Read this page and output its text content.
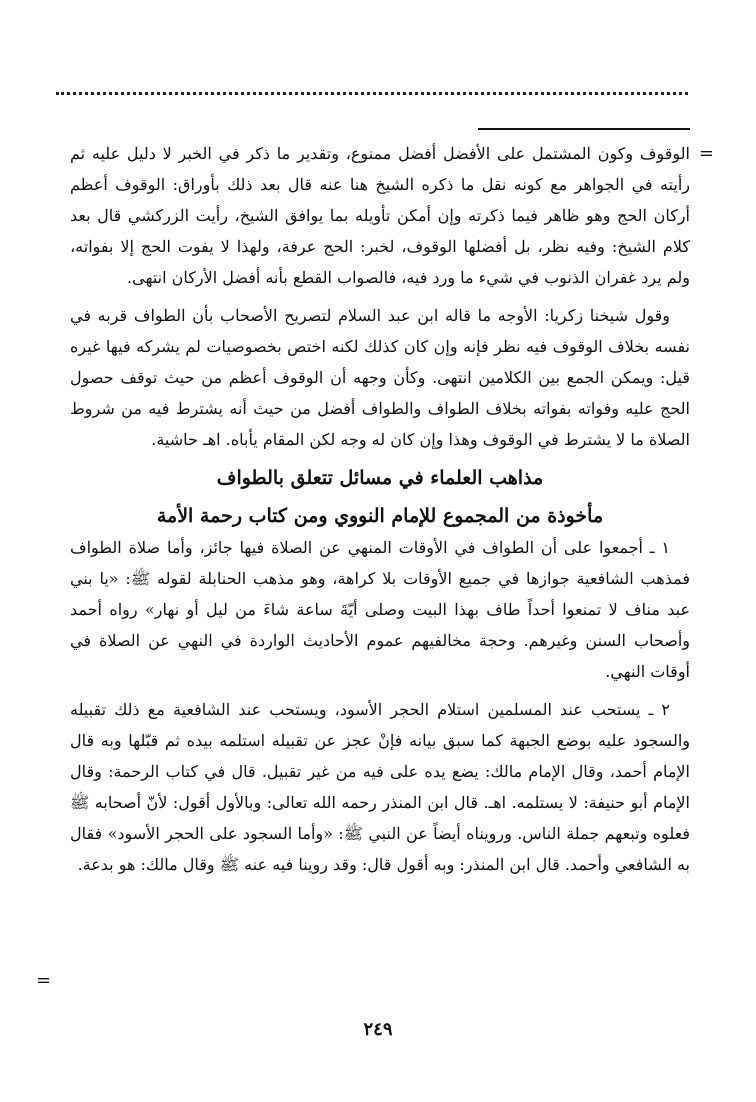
=

الوقوف وكون المشتمل على الأفضل أفضل ممنوع، وتقدير ما ذكر في الخبر لا دليل عليه ثم رأيته في الجواهر مع كونه نقل ما ذكره الشيخ هنا عنه قال بعد ذلك بأوراق: الوقوف أعظم أركان الحج وهو ظاهر فيما ذكرته وإن أمكن تأويله بما يوافق الشيخ، رأيت الزركشي قال بعد كلام الشيخ: وفيه نظر، بل أفضلها الوقوف، لخبر: الحج عرفة، ولهذا لا يفوت الحج إلا بفواته، ولم يرد غفران الذنوب في شيء ما ورد فيه، فالصواب القطع بأنه أفضل الأركان انتهى.

وقول شيخنا زكريا: الأوجه ما قاله ابن عبد السلام لتصريح الأصحاب بأن الطواف قربه في نفسه بخلاف الوقوف فيه نظر فإنه وإن كان كذلك لكنه اختص بخصوصيات لم يشركه فيها غيره قيل: ويمكن الجمع بين الكلامين انتهى. وكأن وجهه أن الوقوف أعظم من حيث توقف حصول الحج عليه وفواته بفواته بخلاف الطواف والطواف أفضل من حيث أنه يشترط فيه من شروط الصلاة ما لا يشترط في الوقوف وهذا وإن كان له وجه لكن المقام يأباه. اهـ حاشية.

مذاهب العلماء في مسائل تتعلق بالطواف

مأخوذة من المجموع للإمام النووي ومن كتاب رحمة الأمة

١ ـ أجمعوا على أن الطواف في الأوقات المنهي عن الصلاة فيها جائز، وأما صلاة الطواف فمذهب الشافعية جوازها في جميع الأوقات بلا كراهة، وهو مذهب الحنابلة لقوله ﷺ: «يا بني عبد مناف لا تمنعوا أحداً طاف بهذا البيت وصلى أيّةَ ساعة شاءَ من ليل أو نهار» رواه أحمد وأصحاب السنن وغيرهم. وحجة مخالفيهم عموم الأحاديث الواردة في النهي عن الصلاة في أوقات النهي.

٢ ـ يستحب عند المسلمين استلام الحجر الأسود، ويستحب عند الشافعية مع ذلك تقبيله والسجود عليه بوضع الجبهة كما سبق بيانه فإنْ عجز عن تقبيله استلمه بيده ثم قبّلها وبه قال الإمام أحمد، وقال الإمام مالك: يضع يده على فيه من غير تقبيل. قال في كتاب الرحمة: وقال الإمام أبو حنيفة: لا يستلمه. اهـ. قال ابن المنذر رحمه الله تعالى: وبالأول أقول: لأنّ أصحابه ﷺ فعلوه وتبعهم جملة الناس. ورويناه أيضاً عن النبي ﷺ: «وأما السجود على الحجر الأسود» فقال به الشافعي وأحمد. قال ابن المنذر: وبه أقول قال: وقد روينا فيه عنه ﷺ وقال مالك: هو بدعة.

=
٢٤٩
